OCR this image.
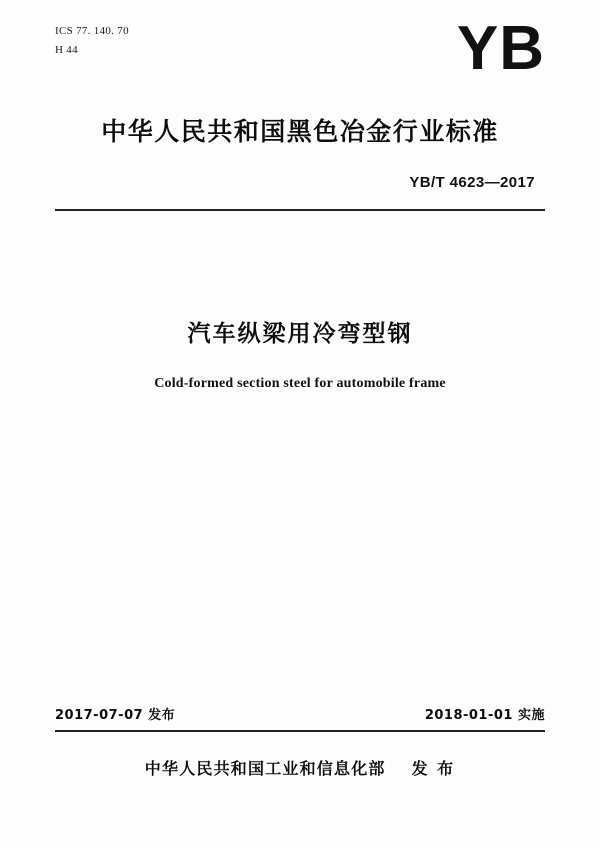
ICS 77. 140. 70
H 44	YB
中华人民共和国黑色冶金行业标准
YB/T 4623—2017
汽车纵梁用冷弯型钢
Cold-formed section steel for automobile frame
2017-07-07 发布	2018-01-01 实施
中华人民共和国工业和信息化部 发 布
